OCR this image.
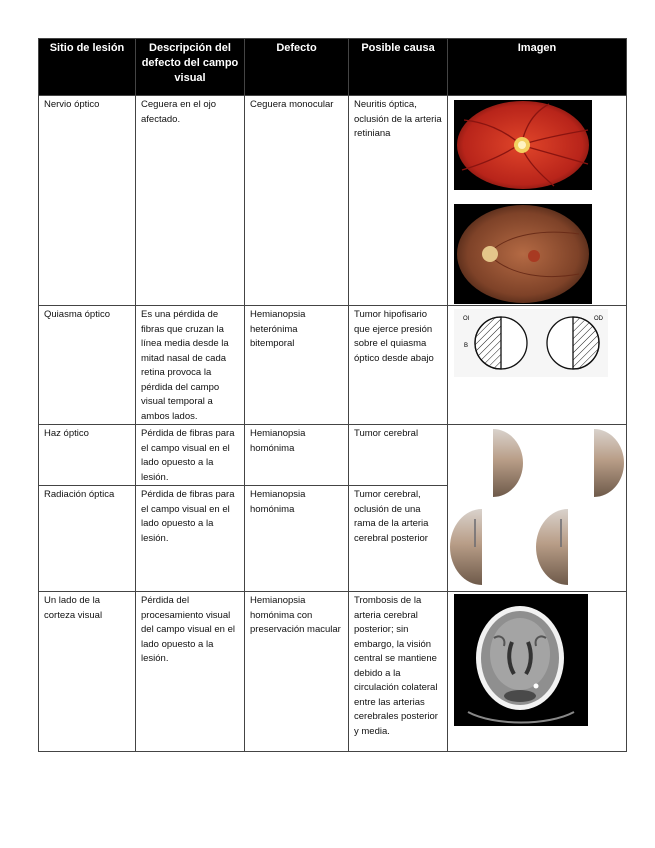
Sitio de lesión	Descripción del defecto del campo visual	Defecto	Posible causa	Imagen
Nervio óptico	Ceguera en el ojo afectado.	Ceguera monocular	Neuritis óptica, oclusión de la arteria retiniana	

Quiasma óptico	Es una pérdida de fibras que cruzan la línea media desde la mitad nasal de cada retina provoca la pérdida del campo visual temporal a ambos lados.	Hemianopsia heterónima bitemporal	Tumor hipofisario que ejerce presión sobre el quiasma óptico desde abajo	OI OD
B

Haz óptico	Pérdida de fibras para el campo visual en el lado opuesto a la lesión.	Hemianopsia homónima	Tumor cerebral	

Radiación óptica	Pérdida de fibras para el campo visual en el lado opuesto a la lesión.	Hemianopsia homónima	Tumor cerebral, oclusión de una rama de la arteria cerebral posterior	
Un lado de la corteza visual	Pérdida del procesamiento visual del campo visual en el lado opuesto a la lesión.	Hemianopsia homónima con preservación macular	Trombosis de la arteria cerebral posterior; sin embargo, la visión central se mantiene debido a la circulación colateral entre las arterias cerebrales posterior y media.	
